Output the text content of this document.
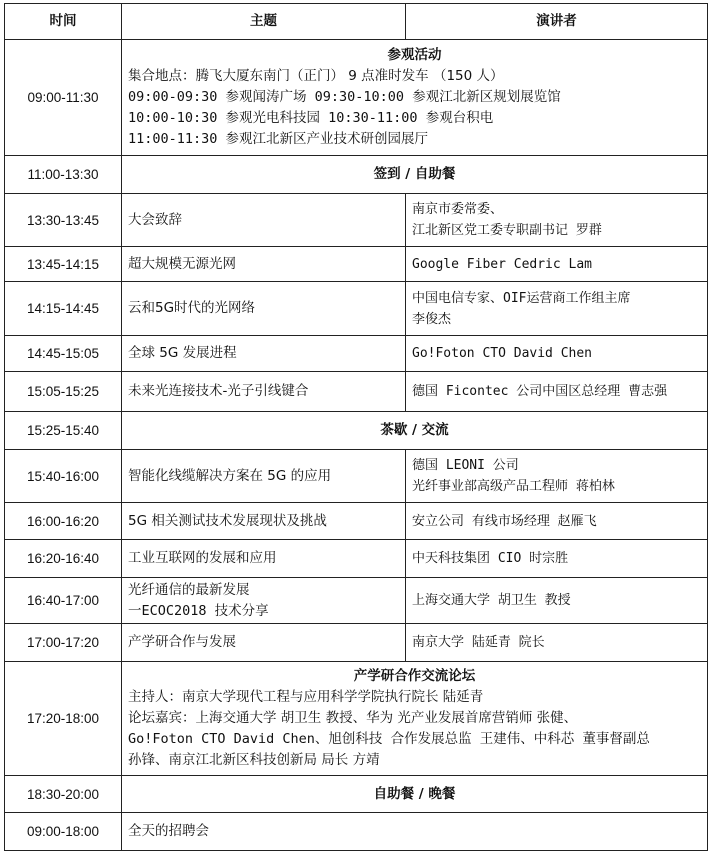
时间	主题	演讲者
09:00-11:30	参观活动
集合地点：腾飞大厦东南门（正门） 9 点准时发车 （150 人）
09:00-09:30 参观闻涛广场 09:30-10:00 参观江北新区规划展览馆
10:00-10:30 参观光电科技园 10:30-11:00 参观台积电
11:00-11:30 参观江北新区产业技术研创园展厅	

11:00-13:30	签到 / 自助餐	
13:30-13:45	大会致辞	南京市委常委、
江北新区党工委专职副书记 罗群

13:45-14:15	超大规模无源光网	Google Fiber Cedric Lam
14:15-14:45	云和5G时代的光网络	中国电信专家、OIF运营商工作组主席
李俊杰

14:45-15:05	全球 5G 发展进程	Go!Foton CTO David Chen
15:05-15:25	未来光连接技术-光子引线键合	德国 Ficontec 公司中国区总经理 曹志强
15:25-15:40	茶歇 / 交流	
15:40-16:00	智能化线缆解决方案在 5G 的应用	德国 LEONI 公司
光纤事业部高级产品工程师 蒋柏林

16:00-16:20	5G 相关测试技术发展现状及挑战	安立公司 有线市场经理 赵雁飞
16:20-16:40	工业互联网的发展和应用	中天科技集团 CIO 时宗胜
16:40-17:00	光纤通信的最新发展
一ECOC2018 技术分享	上海交通大学 胡卫生 教授
17:00-17:20	产学研合作与发展	南京大学 陆延青 院长
17:20-18:00	产学研合作交流论坛
主持人：南京大学现代工程与应用科学学院执行院长 陆延青
论坛嘉宾：上海交通大学 胡卫生 教授、华为 光产业发展首席营销师 张健、
Go!Foton CTO David Chen、旭创科技 合作发展总监 王建伟、中科芯 董事督副总
孙锋、南京江北新区科技创新局 局长 方靖	

18:30-20:00	自助餐 / 晚餐	
09:00-18:00	全天的招聘会	
